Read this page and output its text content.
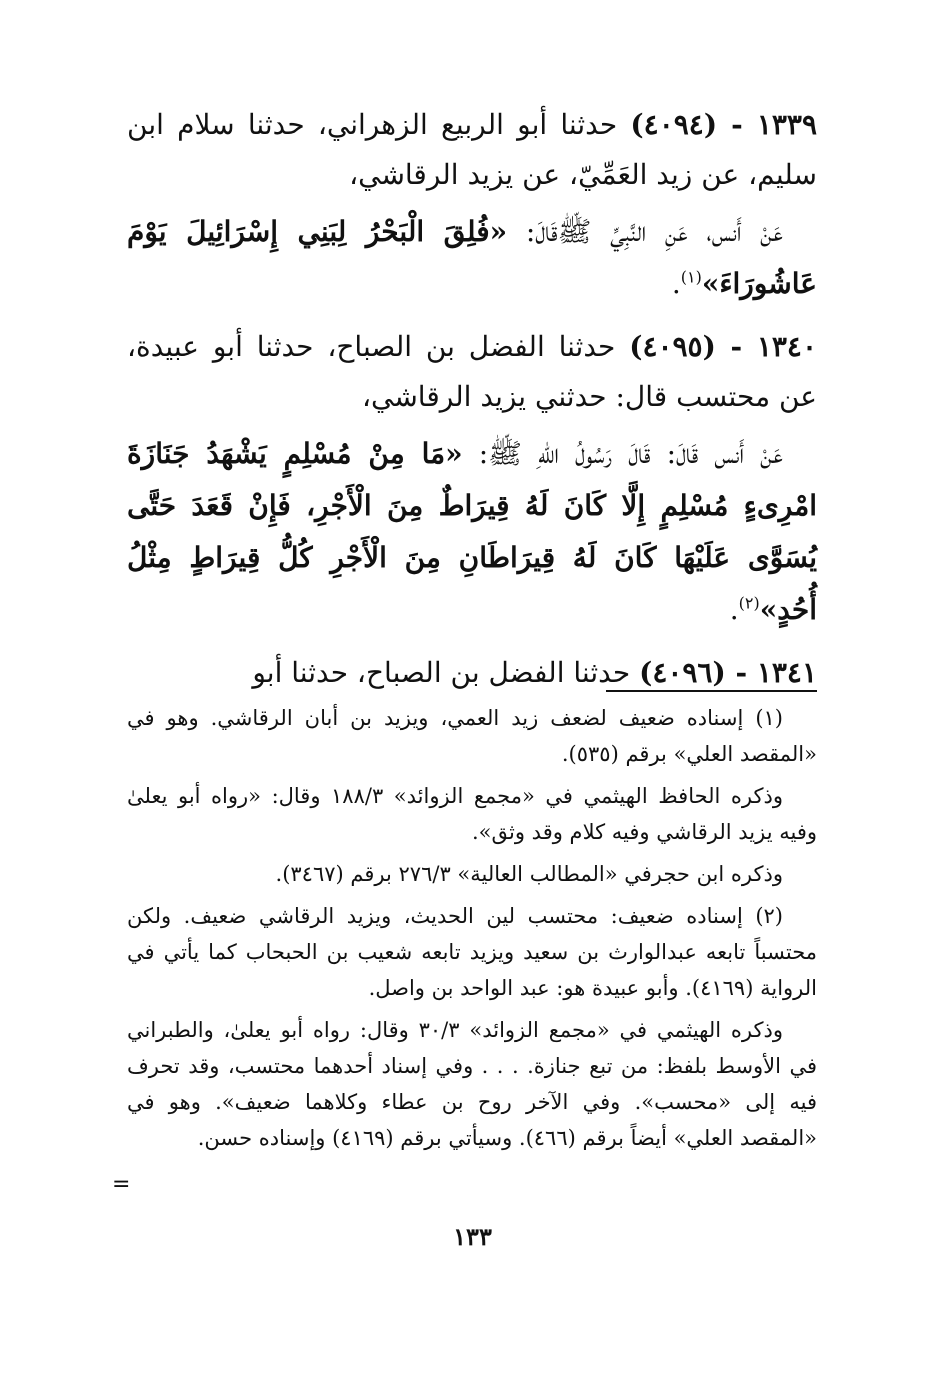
١٣٣٩ - (٤٠٩٤) حدثنا أبو الربيع الزهراني، حدثنا سلام ابن سليم، عن زيد العَمِّيّ، عن يزيد الرقاشي،

عَنْ أَنس، عَنِ النَّبِيِّ ﷺقَالَ: «فُلِقَ الْبَحْرُ لِبَنِي إِسْرَائِيلَ يَوْمَ عَاشُورَاءَ»$^{(١)}$.

١٣٤٠ - (٤٠٩٥) حدثنا الفضل بن الصباح، حدثنا أبو عبيدة، عن محتسب قال: حدثني يزيد الرقاشي،

عَنْ أَنس قَالَ: قَالَ رَسُولُ اللهِ ﷺ: «مَا مِنْ مُسْلِمٍ يَشْهَدُ جَنَازَةَ امْرِىءٍ مُسْلِمٍ إِلَّا كَانَ لَهُ قِيرَاطٌ مِنَ الْأَجْرِ، فَإِنْ قَعَدَ حَتَّى يُسَوَّى عَلَيْهَا كَانَ لَهُ قِيرَاطَانِ مِنَ الْأَجْرِ كُلُّ قِيرَاطٍ مِثْلُ أُحُدٍ»$^{(٢)}$.

١٣٤١ - (٤٠٩٦) حدثنا الفضل بن الصباح، حدثنا أبو

(١) إسناده ضعيف لضعف زيد العمي، ويزيد بن أبان الرقاشي. وهو في «المقصد العلي» برقم (٥٣٥).

وذكره الحافظ الهيثمي في «مجمع الزوائد» ١٨٨/٣ وقال: «رواه أبو يعلىٰ وفيه يزيد الرقاشي وفيه كلام وقد وثق».

وذكره ابن حجرفي «المطالب العالية» ٢٧٦/٣ برقم (٣٤٦٧).

(٢) إسناده ضعيف: محتسب لين الحديث، ويزيد الرقاشي ضعيف. ولكن محتسباً تابعه عبدالوارث بن سعيد ويزيد تابعه شعيب بن الحبحاب كما يأتي في الرواية (٤١٦٩). وأبو عبيدة هو: عبد الواحد بن واصل.

وذكره الهيثمي في «مجمع الزوائد» ٣٠/٣ وقال: رواه أبو يعلىٰ، والطبراني في الأوسط بلفظ: من تبع جنازة. . . . وفي إسناد أحدهما محتسب، وقد تحرف فيه إلى «محسب». وفي الآخر روح بن عطاء وكلاهما ضعيف». وهو في «المقصد العلي» أيضاً برقم (٤٦٦). وسيأتي برقم (٤١٦٩) وإسناده حسن.

=
١٣٣
